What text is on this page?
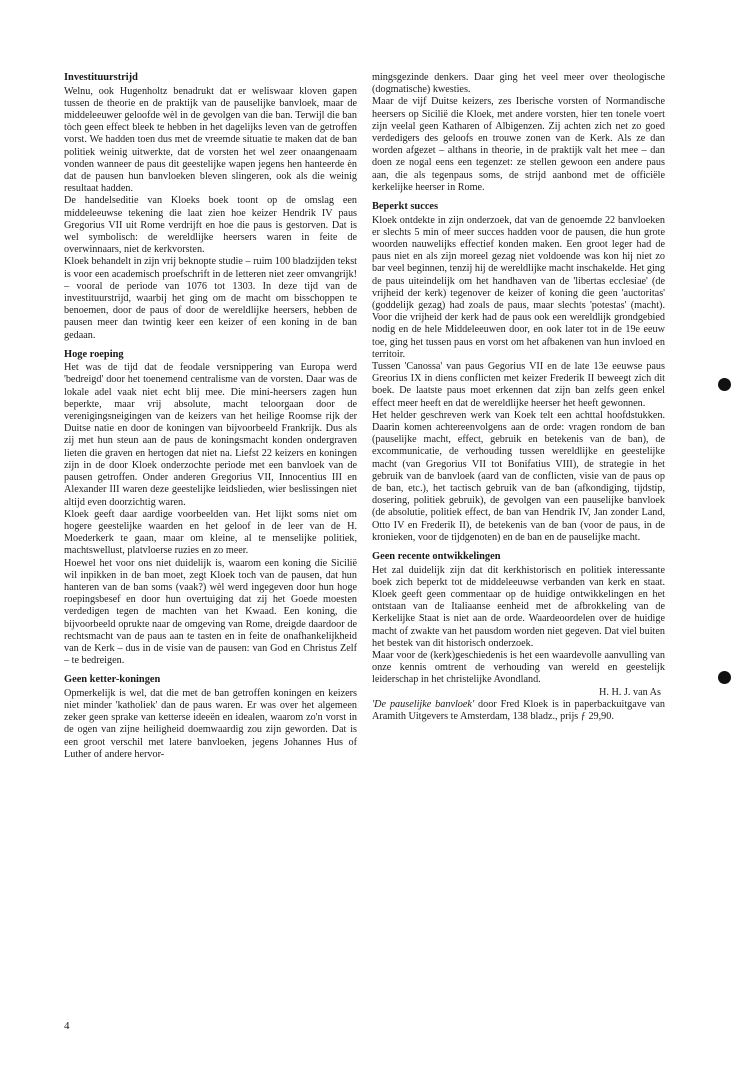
Investituurstrijd

Welnu, ook Hugenholtz benadrukt dat er weliswaar kloven gapen tussen de theorie en de praktijk van de pauselijke banvloek, maar de middeleeuwer geloofde wèl in de gevolgen van die ban. Terwijl die ban tòch geen effect bleek te hebben in het dagelijks leven van de getroffen vorst. We hadden toen dus met de vreemde situatie te maken dat de ban politiek weinig uitwerkte, dat de vorsten het wel zeer onaangenaam vonden wanneer de paus dit geestelijke wapen jegens hen hanteerde èn dat de pausen hun banvloeken bleven slingeren, ook als die weinig resultaat hadden.

De handelseditie van Kloeks boek toont op de omslag een middeleeuwse tekening die laat zien hoe keizer Hendrik IV paus Gregorius VII uit Rome verdrijft en hoe die paus is gestorven. Dat is wel symbolisch: de wereldlijke heersers waren in feite de overwinnaars, niet de kerkvorsten.

Kloek behandelt in zijn vrij beknopte studie – ruim 100 bladzijden tekst is voor een academisch proefschrift in de letteren niet zeer omvangrijk! – vooral de periode van 1076 tot 1303. In deze tijd van de investituurstrijd, waarbij het ging om de macht om bisschoppen te benoemen, door de paus of door de wereldlijke heersers, hebben de pausen meer dan twintig keer een keizer of een koning in de ban gedaan.

Hoge roeping

Het was de tijd dat de feodale versnippering van Europa werd 'bedreigd' door het toenemend centralisme van de vorsten. Daar was de lokale adel vaak niet echt blij mee. Die mini-heersers zagen hun beperkte, maar vrij absolute, macht teloorgaan door de verenigingsneigingen van de keizers van het heilige Roomse rijk der Duitse natie en door de koningen van bijvoorbeeld Frankrijk. Dus als zij met hun steun aan de paus de koningsmacht konden ondergraven lieten die graven en hertogen dat niet na. Liefst 22 keizers en koningen zijn in de door Kloek onderzochte periode met een banvloek van de pausen getroffen. Onder anderen Gregorius VII, Innocentius III en Alexander III waren deze geestelijke leidslieden, wier beslissingen niet altijd even doorzichtig waren.

Kloek geeft daar aardige voorbeelden van. Het lijkt soms niet om hogere geestelijke waarden en het geloof in de leer van de H. Moederkerk te gaan, maar om kleine, al te menselijke politiek, machtswellust, platvloerse ruzies en zo meer.

Hoewel het voor ons niet duidelijk is, waarom een koning die Sicilië wil inpikken in de ban moet, zegt Kloek toch van de pausen, dat hun hanteren van de ban soms (vaak?) wèl werd ingegeven door hun hoge roepingsbesef en door hun overtuiging dat zij het Goede moesten verdedigen tegen de machten van het Kwaad. Een koning, die bijvoorbeeld oprukte naar de omgeving van Rome, dreigde daardoor de rechtsmacht van de paus aan te tasten en in feite de onafhankelijkheid van de Kerk – dus in de visie van de pausen: van God en Christus Zelf – te bedreigen.

Geen ketter-koningen

Opmerkelijk is wel, dat die met de ban getroffen koningen en keizers niet minder 'katholiek' dan de paus waren. Er was over het algemeen zeker geen sprake van ketterse ideeën en idealen, waarom zo'n vorst in de ogen van zijne heiligheid doemwaardig zou zijn geworden. Dat is een groot verschil met latere banvloeken, jegens Johannes Hus of Luther of andere hervor-

mingsgezinde denkers. Daar ging het veel meer over theologische (dogmatische) kwesties.

Maar de vijf Duitse keizers, zes Iberische vorsten of Normandische heersers op Sicilië die Kloek, met andere vorsten, hier ten tonele voert zijn veelal geen Katharen of Albigenzen. Zij achten zich net zo goed verdedigers des geloofs en trouwe zonen van de Kerk. Als ze dan worden afgezet – althans in theorie, in de praktijk valt het mee – dan doen ze nogal eens een tegenzet: ze stellen gewoon een andere paus aan, die als tegenpaus soms, de strijd aanbond met de officiële kerkelijke heerser in Rome.

Beperkt succes

Kloek ontdekte in zijn onderzoek, dat van de genoemde 22 banvloeken er slechts 5 min of meer succes hadden voor de pausen, die hun grote woorden nauwelijks effectief konden maken. Een groot leger had de paus niet en als zijn moreel gezag niet voldoende was kon hij niet zo bar veel beginnen, tenzij hij de wereldlijke macht inschakelde. Het ging de paus uiteindelijk om het handhaven van de 'libertas ecclesiae' (de vrijheid der kerk) tegenover de keizer of koning die geen 'auctoritas' (goddelijk gezag) had zoals de paus, maar slechts 'potestas' (macht). Voor die vrijheid der kerk had de paus ook een wereldlijk grondgebied nodig en de hele Middeleeuwen door, en ook later tot in de 19e eeuw toe, ging het tussen paus en vorst om het afbakenen van hun invloed en territoir.

Tussen 'Canossa' van paus Gegorius VII en de late 13e eeuwse paus Greorius IX in diens conflicten met keizer Frederik II beweegt zich dit boek. De laatste paus moet erkennen dat zijn ban zelfs geen enkel effect meer heeft en dat de wereldlijke heerser het heeft gewonnen.

Het helder geschreven werk van Koek telt een achttal hoofdstukken. Daarin komen achtereenvolgens aan de orde: vragen rondom de ban (pauselijke macht, effect, gebruik en betekenis van de ban), de excommunicatie, de verhouding tussen wereldlijke en geestelijke macht (van Gregorius VII tot Bonifatius VIII), de strategie in het gebruik van de banvloek (aard van de conflicten, visie van de paus op de ban, etc.), het tactisch gebruik van de ban (afkondiging, tijdstip, dosering, politiek gebruik), de gevolgen van een pauselijke banvloek (de absolutie, politiek effect, de ban van Hendrik IV, Jan zonder Land, Otto IV en Frederik II), de betekenis van de ban (voor de paus, in de kronieken, voor de tijdgenoten) en de ban en de pauselijke macht.

Geen recente ontwikkelingen

Het zal duidelijk zijn dat dit kerkhistorisch en politiek interessante boek zich beperkt tot de middeleeuwse verbanden van kerk en staat. Kloek geeft geen commentaar op de huidige ontwikkelingen en het ontstaan van de Italiaanse eenheid met de afbrokkeling van de Kerkelijke Staat is niet aan de orde. Waardeoordelen over de huidige macht of zwakte van het pausdom worden niet gegeven. Dat viel buiten het bestek van dit historisch onderzoek.

Maar voor de (kerk)geschiedenis is het een waardevolle aanvulling van onze kennis omtrent de verhouding van wereld en geestelijk leiderschap in het christelijke Avondland.

H. H. J. van As

'De pauselijke banvloek' door Fred Kloek is in paperbackuitgave van Aramith Uitgevers te Amsterdam, 138 bladz., prijs ƒ 29,90.

4
